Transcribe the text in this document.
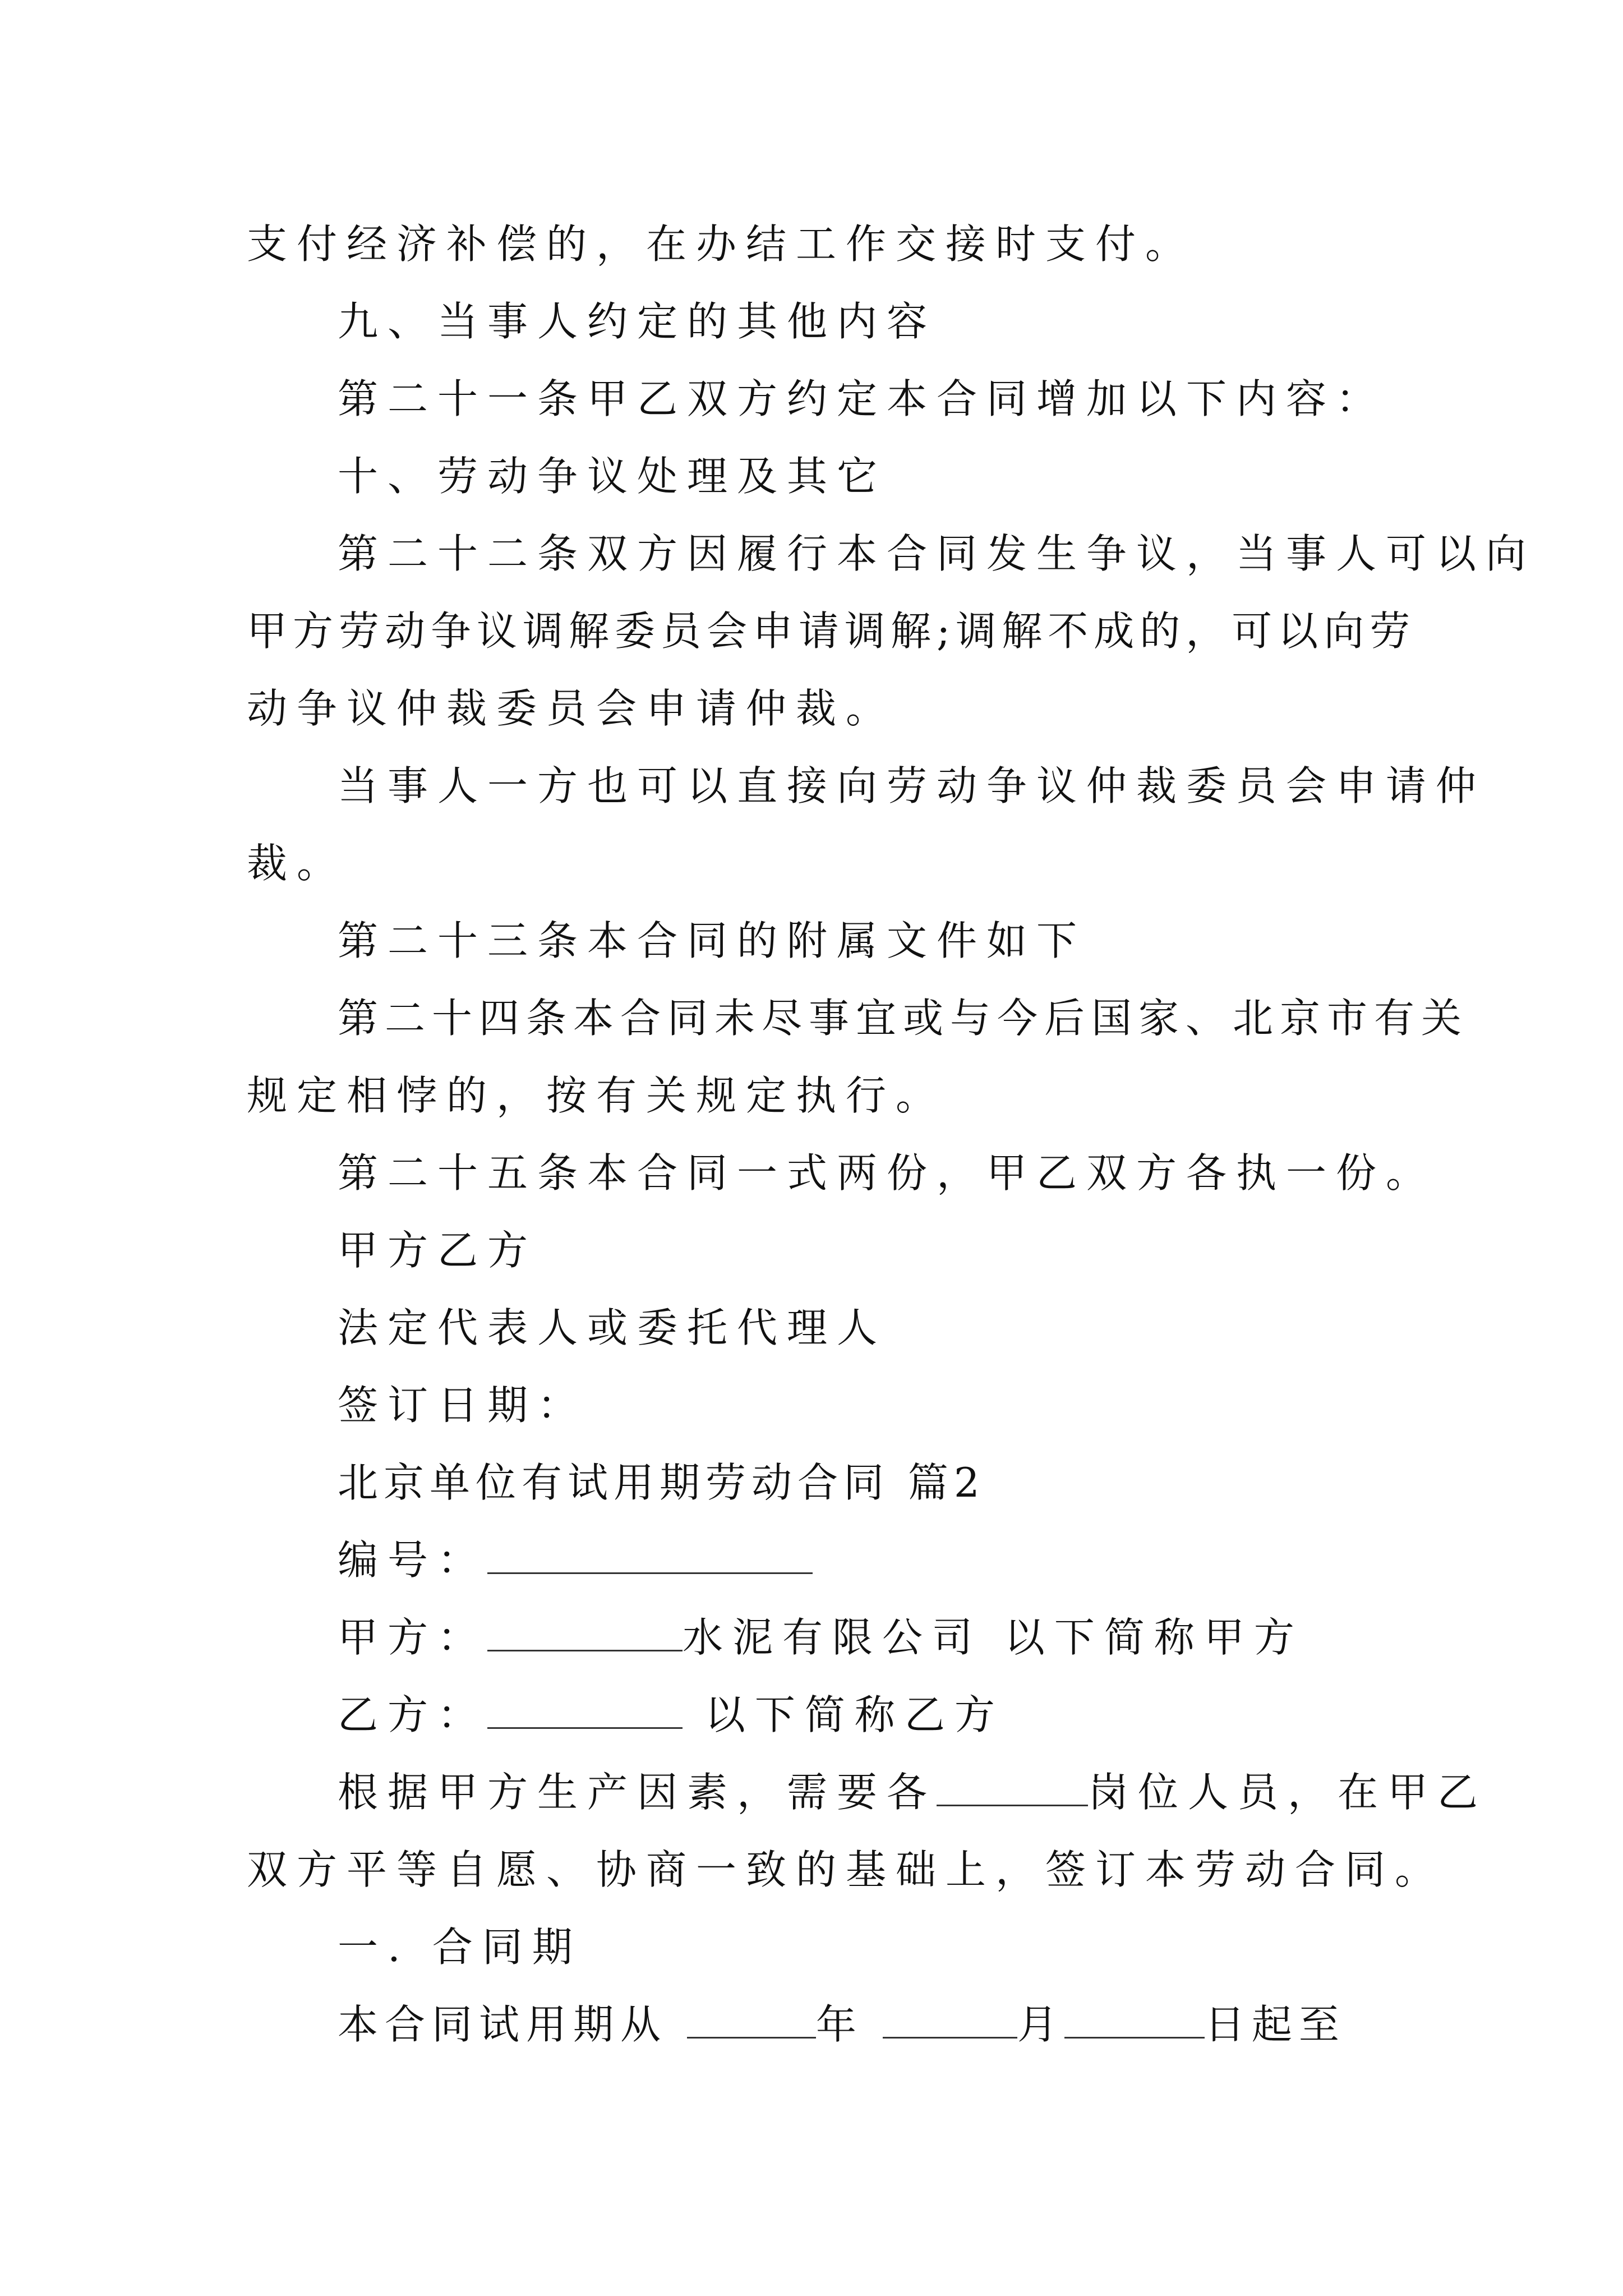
支付经济补偿的，在办结工作交接时支付。

九、当事人约定的其他内容

第二十一条甲乙双方约定本合同增加以下内容：

十、劳动争议处理及其它

第二十二条双方因履行本合同发生争议，当事人可以向

甲方劳动争议调解委员会申请调解;调解不成的，可以向劳

动争议仲裁委员会申请仲裁。

当事人一方也可以直接向劳动争议仲裁委员会申请仲

裁。

第二十三条本合同的附属文件如下

第二十四条本合同未尽事宜或与今后国家、北京市有关

规定相悖的，按有关规定执行。

第二十五条本合同一式两份，甲乙双方各执一份。

甲方乙方

法定代表人或委托代理人

签订日期：

北京单位有试用期劳动合同 篇2

编号：

甲方：	水泥有限公司 以下简称甲方

乙方：	以下简称乙方

根据甲方生产因素，需要各	岗位人员，在甲乙

双方平等自愿、协商一致的基础上，签订本劳动合同。

一. 合同期

本合同试用期从	年	月	日起至
